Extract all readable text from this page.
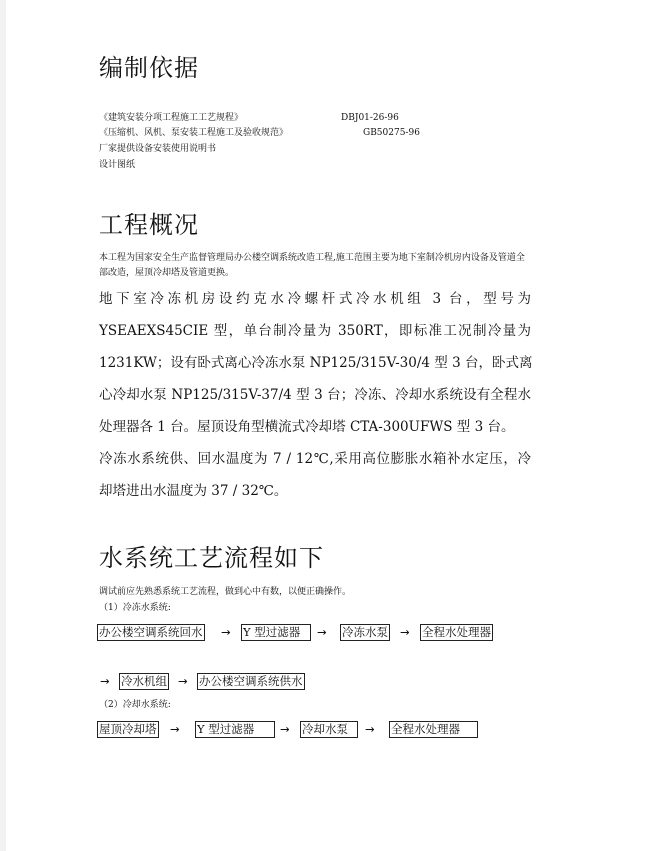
编制依据
《建筑安装分项工程施工工艺规程》	DBJ01-26-96
《压缩机、风机、泵安装工程施工及验收规范》	GB50275-96
厂家提供设备安装使用说明书
设计图纸
工程概况
本工程为国家安全生产监督管理局办公楼空调系统改造工程,施工范围主要为地下室制冷机房内设备及管道全部改造，屋顶冷却塔及管道更换。
地下室冷冻机房设约克水冷螺杆式冷水机组 3 台，型号为
YSEAEXS45CIE 型，单台制冷量为 350RT，即标准工况制冷量为
1231KW；设有卧式离心冷冻水泵 NP125/315V-30/4 型 3 台，卧式离
心冷却水泵 NP125/315V-37/4 型 3 台；冷冻、冷却水系统设有全程水
处理器各 1 台。屋顶设角型横流式冷却塔 CTA-300UFWS 型 3 台。
冷冻水系统供、回水温度为 7 / 12℃,采用高位膨胀水箱补水定压，冷
却塔进出水温度为 37 / 32℃。
水系统工艺流程如下
调试前应先熟悉系统工艺流程，做到心中有数，以便正确操作。
（1）冷冻水系统:
办公楼空调系统回水 → Y 型过滤器	→ 冷冻水泵 → 全程水处理器
→ 冷水机组 → 办公楼空调系统供水
（2）冷却水系统:
屋顶冷却塔 → Y 型过滤器	→ 冷却水泵	→ 全程水处理器
